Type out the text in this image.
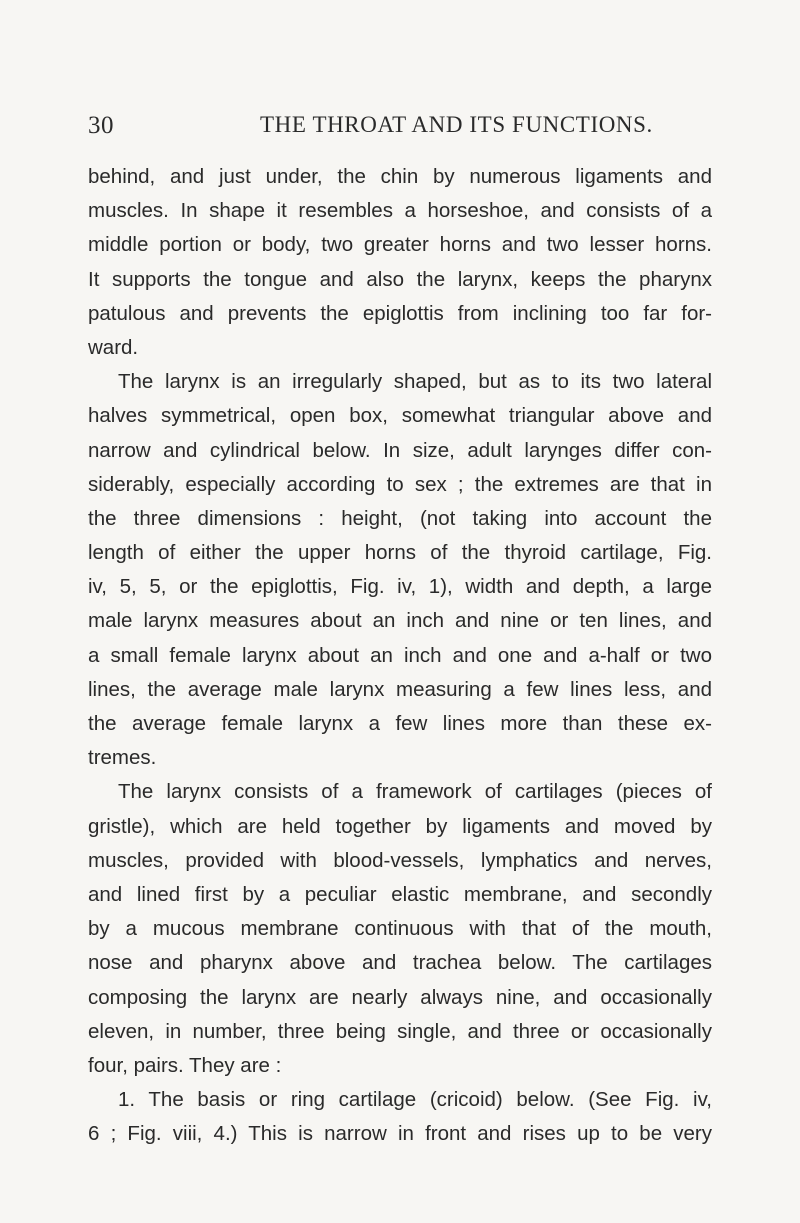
30	THE THROAT AND ITS FUNCTIONS.
behind, and just under, the chin by numerous ligaments and
muscles. In shape it resembles a horseshoe, and consists of a
middle portion or body, two greater horns and two lesser horns.
It supports the tongue and also the larynx, keeps the pharynx
patulous and prevents the epiglottis from inclining too far for-
ward.
The larynx is an irregularly shaped, but as to its two lateral
halves symmetrical, open box, somewhat triangular above and
narrow and cylindrical below. In size, adult larynges differ con-
siderably, especially according to sex ; the extremes are that in
the three dimensions : height, (not taking into account the
length of either the upper horns of the thyroid cartilage, Fig.
iv, 5, 5, or the epiglottis, Fig. iv, 1), width and depth, a large
male larynx measures about an inch and nine or ten lines, and
a small female larynx about an inch and one and a-half or two
lines, the average male larynx measuring a few lines less, and
the average female larynx a few lines more than these ex-
tremes.
The larynx consists of a framework of cartilages (pieces of
gristle), which are held together by ligaments and moved by
muscles, provided with blood-vessels, lymphatics and nerves,
and lined first by a peculiar elastic membrane, and secondly
by a mucous membrane continuous with that of the mouth,
nose and pharynx above and trachea below. The cartilages
composing the larynx are nearly always nine, and occasionally
eleven, in number, three being single, and three or occasionally
four, pairs. They are :
1. The basis or ring cartilage (cricoid) below. (See Fig. iv,
6 ; Fig. viii, 4.) This is narrow in front and rises up to be very
